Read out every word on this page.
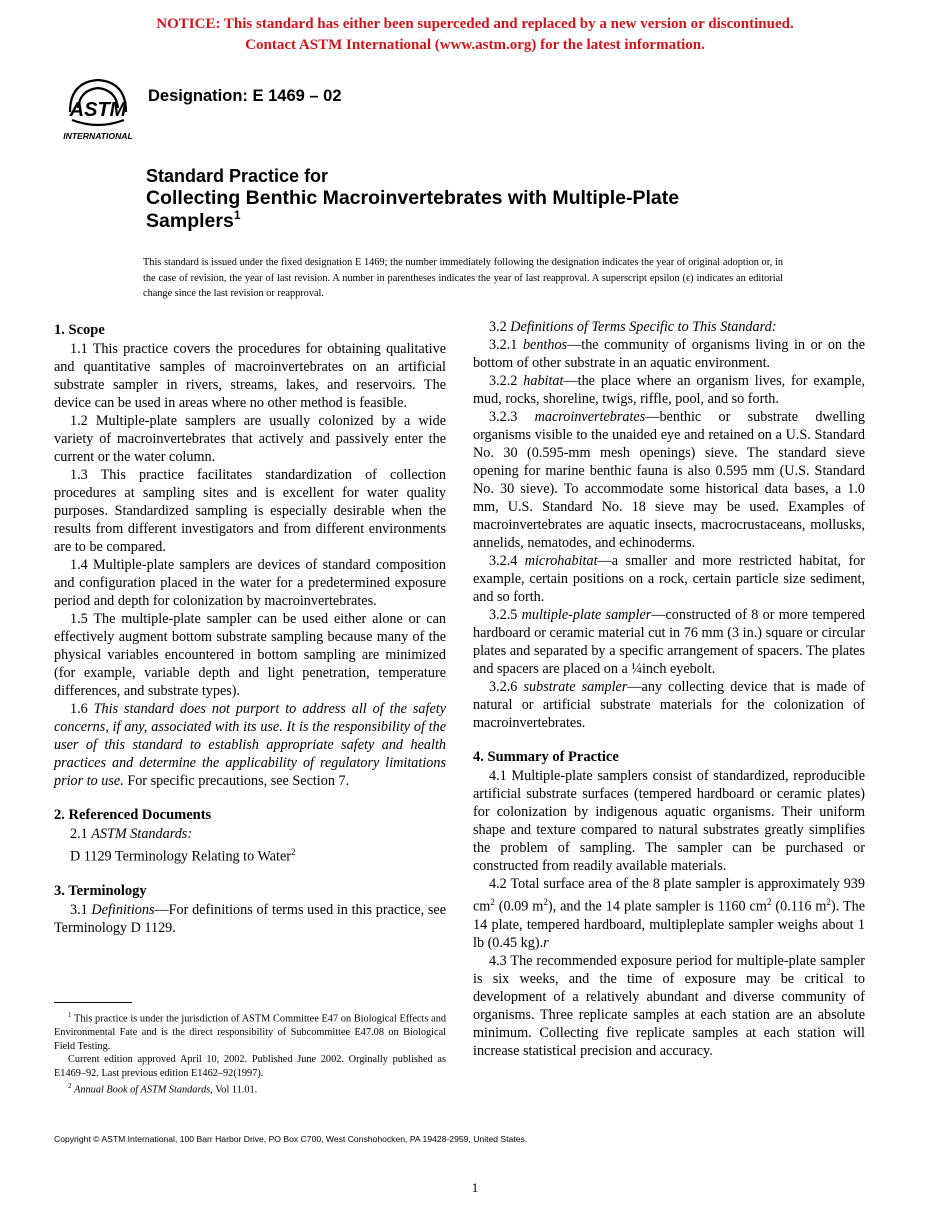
NOTICE: This standard has either been superceded and replaced by a new version or discontinued.
Contact ASTM International (www.astm.org) for the latest information.
ASTM
INTERNATIONAL
Designation: E 1469 – 02
Standard Practice for
Collecting Benthic Macroinvertebrates with Multiple-Plate
Samplers$^1$
This standard is issued under the fixed designation E 1469; the number immediately following the designation indicates the year of original adoption or, in the case of revision, the year of last revision. A number in parentheses indicates the year of last reapproval. A superscript epsilon (ϵ) indicates an editorial change since the last revision or reapproval.
1. Scope

1.1 This practice covers the procedures for obtaining qualitative and quantitative samples of macroinvertebrates on an artificial substrate sampler in rivers, streams, lakes, and reservoirs. The device can be used in areas where no other method is feasible.

1.2 Multiple-plate samplers are usually colonized by a wide variety of macroinvertebrates that actively and passively enter the current or the water column.

1.3 This practice facilitates standardization of collection procedures at sampling sites and is excellent for water quality purposes. Standardized sampling is especially desirable when the results from different investigators and from different environments are to be compared.

1.4 Multiple-plate samplers are devices of standard composition and configuration placed in the water for a predetermined exposure period and depth for colonization by macroinvertebrates.

1.5 The multiple-plate sampler can be used either alone or can effectively augment bottom substrate sampling because many of the physical variables encountered in bottom sampling are minimized (for example, variable depth and light penetration, temperature differences, and substrate types).

1.6 This standard does not purport to address all of the safety concerns, if any, associated with its use. It is the responsibility of the user of this standard to establish appropriate safety and health practices and determine the applicability of regulatory limitations prior to use. For specific precautions, see Section 7.

2. Referenced Documents

2.1 ASTM Standards:

D 1129 Terminology Relating to Water$^2$

3. Terminology

3.1 Definitions—For definitions of terms used in this practice, see Terminology D 1129.

3.2 Definitions of Terms Specific to This Standard:

3.2.1 benthos—the community of organisms living in or on the bottom of other substrate in an aquatic environment.

3.2.2 habitat—the place where an organism lives, for example, mud, rocks, shoreline, twigs, riffle, pool, and so forth.

3.2.3 macroinvertebrates—benthic or substrate dwelling organisms visible to the unaided eye and retained on a U.S. Standard No. 30 (0.595-mm mesh openings) sieve. The standard sieve opening for marine benthic fauna is also 0.595 mm (U.S. Standard No. 30 sieve). To accommodate some historical data bases, a 1.0 mm, U.S. Standard No. 18 sieve may be used. Examples of macroinvertebrates are aquatic insects, macrocrustaceans, mollusks, annelids, nematodes, and echinoderms.

3.2.4 microhabitat—a smaller and more restricted habitat, for example, certain positions on a rock, certain particle size sediment, and so forth.

3.2.5 multiple-plate sampler—constructed of 8 or more tempered hardboard or ceramic material cut in 76 mm (3 in.) square or circular plates and separated by a specific arrangement of spacers. The plates and spacers are placed on a ¼inch eyebolt.

3.2.6 substrate sampler—any collecting device that is made of natural or artificial substrate materials for the colonization of macroinvertebrates.

4. Summary of Practice

4.1 Multiple-plate samplers consist of standardized, reproducible artificial substrate surfaces (tempered hardboard or ceramic plates) for colonization by indigenous aquatic organisms. Their uniform shape and texture compared to natural substrates greatly simplifies the problem of sampling. The sampler can be purchased or constructed from readily available materials.

4.2 Total surface area of the 8 plate sampler is approximately 939 $cm^2$ (0.09 $m^2$), and the 14 plate sampler is 1160 $cm^2$ (0.116 $m^2$). The 14 plate, tempered hardboard, multipleplate sampler weighs about 1 lb (0.45 kg).r

4.3 The recommended exposure period for multiple-plate sampler is six weeks, and the time of exposure may be critical to development of a relatively abundant and diverse community of organisms. Three replicate samples at each station are an absolute minimum. Collecting five replicate samples at each station will increase statistical precision and accuracy.

$^1$ This practice is under the jurisdiction of ASTM Committee E47 on Biological Effects and Environmental Fate and is the direct responsibility of Subcommittee E47.08 on Biological Field Testing.

Current edition approved April 10, 2002. Published June 2002. Orginally published as E1469–92. Last previous edition E1462–92(1997).

$^2$ Annual Book of ASTM Standards, Vol 11.01.

Copyright © ASTM International, 100 Barr Harbor Drive, PO Box C700, West Conshohocken, PA 19428-2959, United States.
1
